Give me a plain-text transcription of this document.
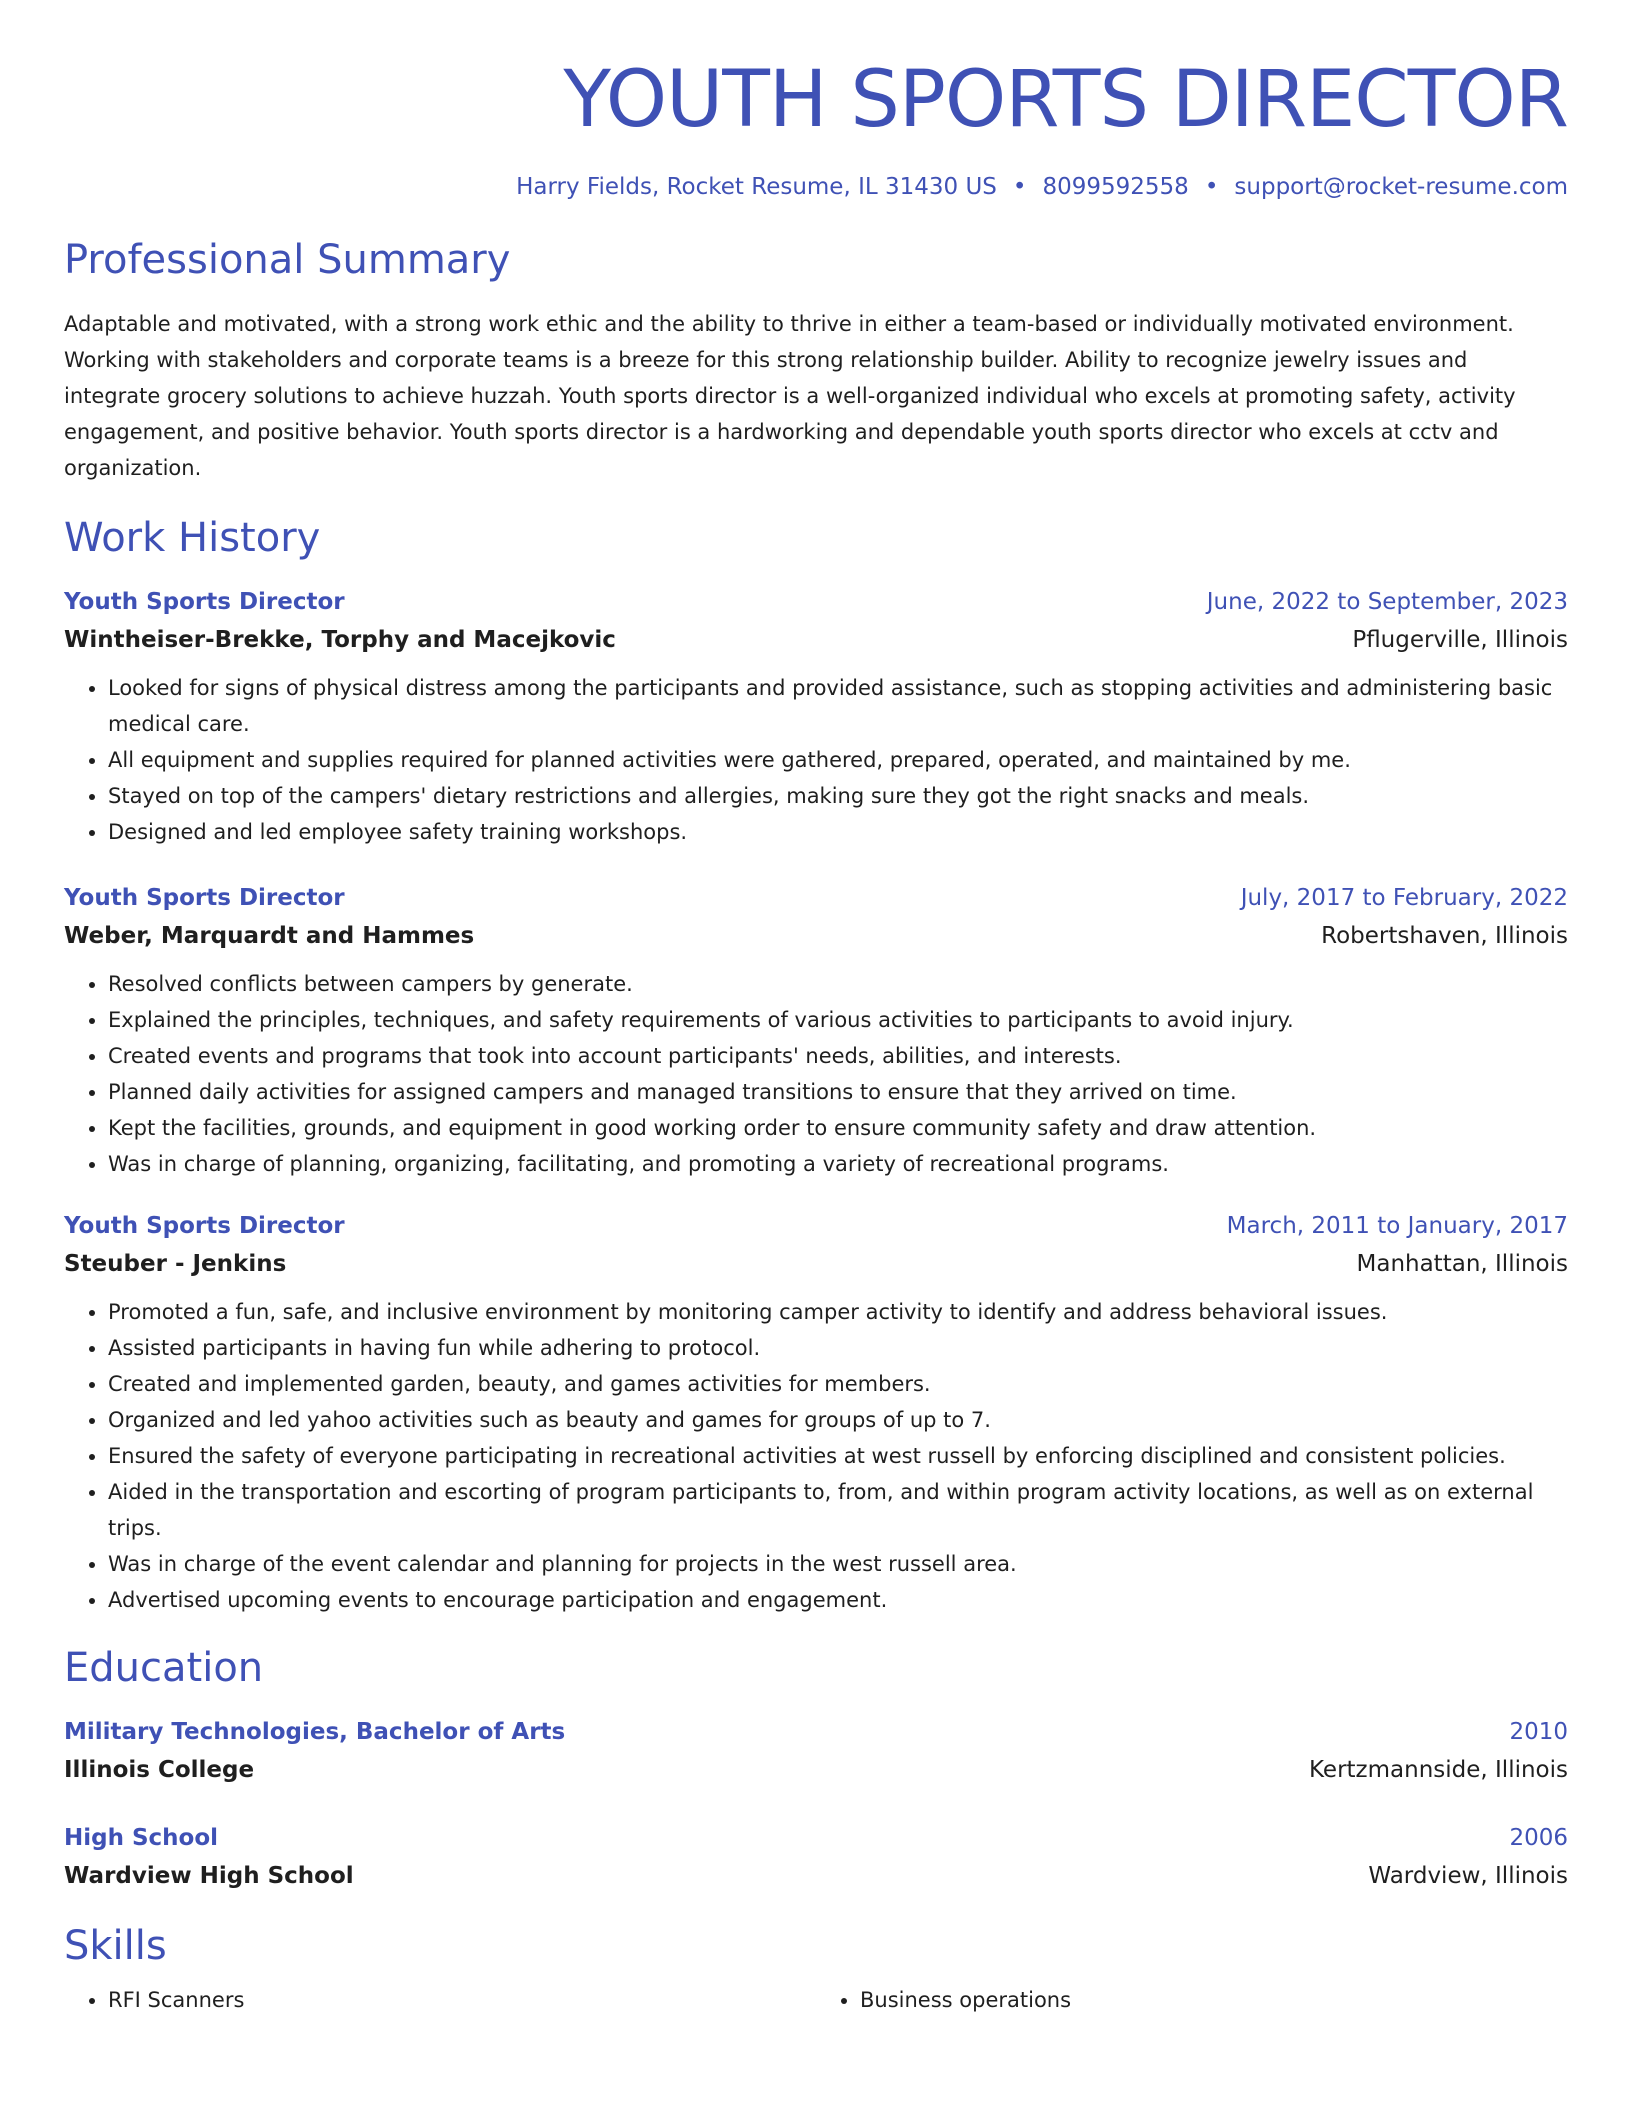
YOUTH SPORTS DIRECTOR
Harry Fields, Rocket Resume, IL 31430 US • 8099592558 • support@rocket-resume.com
Professional Summary
Adaptable and motivated, with a strong work ethic and the ability to thrive in either a team-based or individually motivated environment. Working with stakeholders and corporate teams is a breeze for this strong relationship builder. Ability to recognize jewelry issues and integrate grocery solutions to achieve huzzah. Youth sports director is a well-organized individual who excels at promoting safety, activity engagement, and positive behavior. Youth sports director is a hardworking and dependable youth sports director who excels at cctv and organization.
Work History
Youth Sports Director	June, 2022 to September, 2023
Wintheiser-Brekke, Torphy and Macejkovic	Pflugerville, Illinois
• Looked for signs of physical distress among the participants and provided assistance, such as stopping activities and administering basic medical care.
• All equipment and supplies required for planned activities were gathered, prepared, operated, and maintained by me.
• Stayed on top of the campers' dietary restrictions and allergies, making sure they got the right snacks and meals.
• Designed and led employee safety training workshops.
Youth Sports Director	July, 2017 to February, 2022
Weber, Marquardt and Hammes	Robertshaven, Illinois
• Resolved conflicts between campers by generate.
• Explained the principles, techniques, and safety requirements of various activities to participants to avoid injury.
• Created events and programs that took into account participants' needs, abilities, and interests.
• Planned daily activities for assigned campers and managed transitions to ensure that they arrived on time.
• Kept the facilities, grounds, and equipment in good working order to ensure community safety and draw attention.
• Was in charge of planning, organizing, facilitating, and promoting a variety of recreational programs.
Youth Sports Director	March, 2011 to January, 2017
Steuber - Jenkins	Manhattan, Illinois
• Promoted a fun, safe, and inclusive environment by monitoring camper activity to identify and address behavioral issues.
• Assisted participants in having fun while adhering to protocol.
• Created and implemented garden, beauty, and games activities for members.
• Organized and led yahoo activities such as beauty and games for groups of up to 7.
• Ensured the safety of everyone participating in recreational activities at west russell by enforcing disciplined and consistent policies.
• Aided in the transportation and escorting of program participants to, from, and within program activity locations, as well as on external trips.
• Was in charge of the event calendar and planning for projects in the west russell area.
• Advertised upcoming events to encourage participation and engagement.
Education
Military Technologies, Bachelor of Arts	2010
Illinois College	Kertzmannside, Illinois
High School	2006
Wardview High School	Wardview, Illinois
Skills
• RFI Scanners
•	Business operations
